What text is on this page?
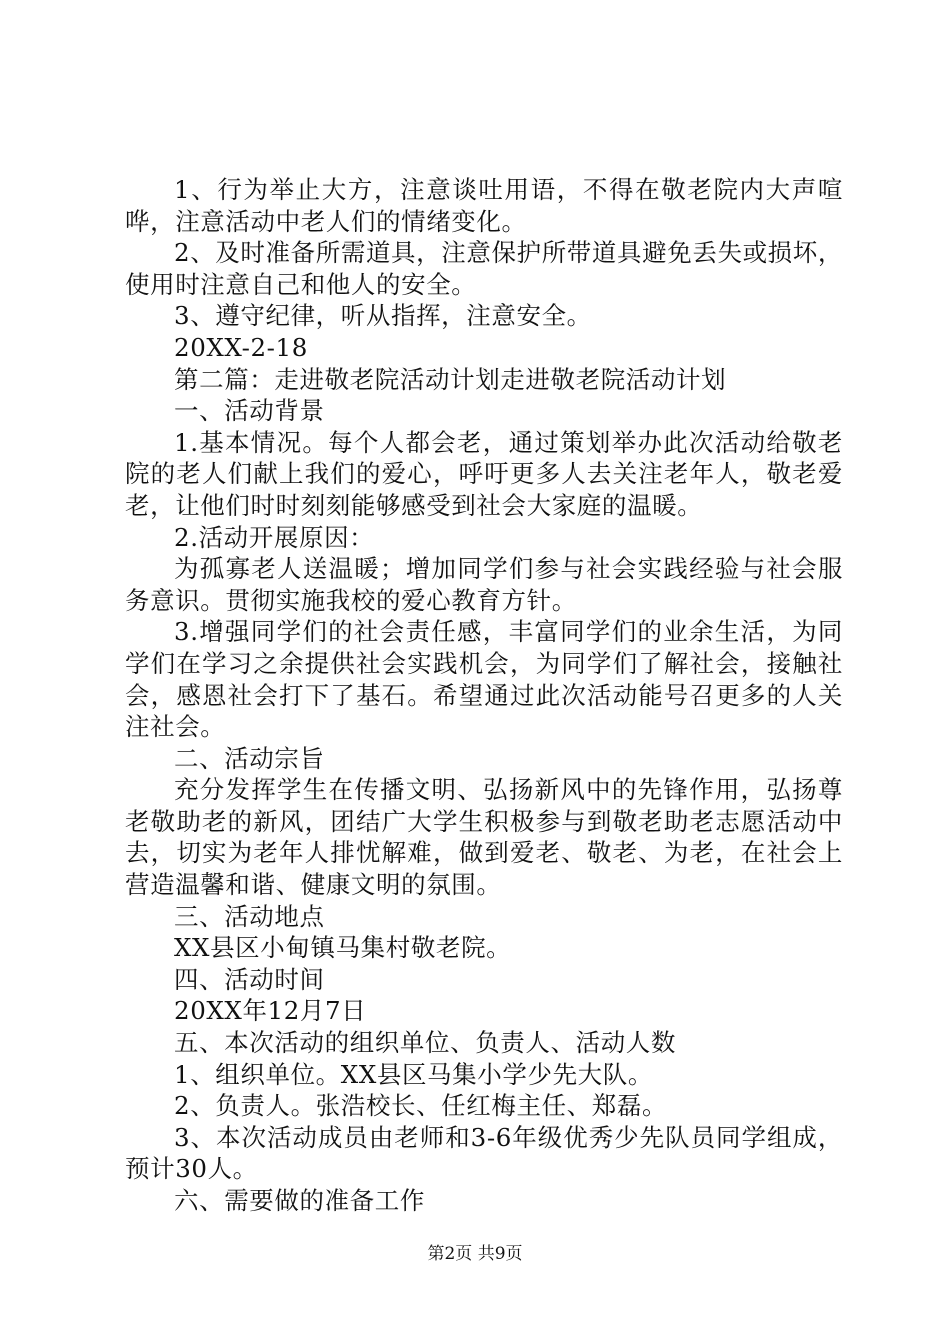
1、行为举止大方，注意谈吐用语，不得在敬老院内大声喧哗，注意活动中老人们的情绪变化。

2、及时准备所需道具，注意保护所带道具避免丢失或损坏，使用时注意自己和他人的安全。

3、遵守纪律，听从指挥，注意安全。

20XX-2-18

第二篇：走进敬老院活动计划走进敬老院活动计划

一、活动背景

1.基本情况。每个人都会老，通过策划举办此次活动给敬老院的老人们献上我们的爱心，呼吁更多人去关注老年人，敬老爱老，让他们时时刻刻能够感受到社会大家庭的温暖。

2.活动开展原因：

为孤寡老人送温暖；增加同学们参与社会实践经验与社会服务意识。贯彻实施我校的爱心教育方针。

3.增强同学们的社会责任感，丰富同学们的业余生活，为同学们在学习之余提供社会实践机会，为同学们了解社会，接触社会，感恩社会打下了基石。希望通过此次活动能号召更多的人关注社会。

二、活动宗旨

充分发挥学生在传播文明、弘扬新风中的先锋作用，弘扬尊老敬助老的新风，团结广大学生积极参与到敬老助老志愿活动中去，切实为老年人排忧解难，做到爱老、敬老、为老，在社会上营造温馨和谐、健康文明的氛围。

三、活动地点

XX县区小甸镇马集村敬老院。

四、活动时间

20XX年12月7日

五、本次活动的组织单位、负责人、活动人数

1、组织单位。XX县区马集小学少先大队。

2、负责人。张浩校长、任红梅主任、郑磊。

3、本次活动成员由老师和3-6年级优秀少先队员同学组成，预计30人。

六、需要做的准备工作

第2页 共9页
